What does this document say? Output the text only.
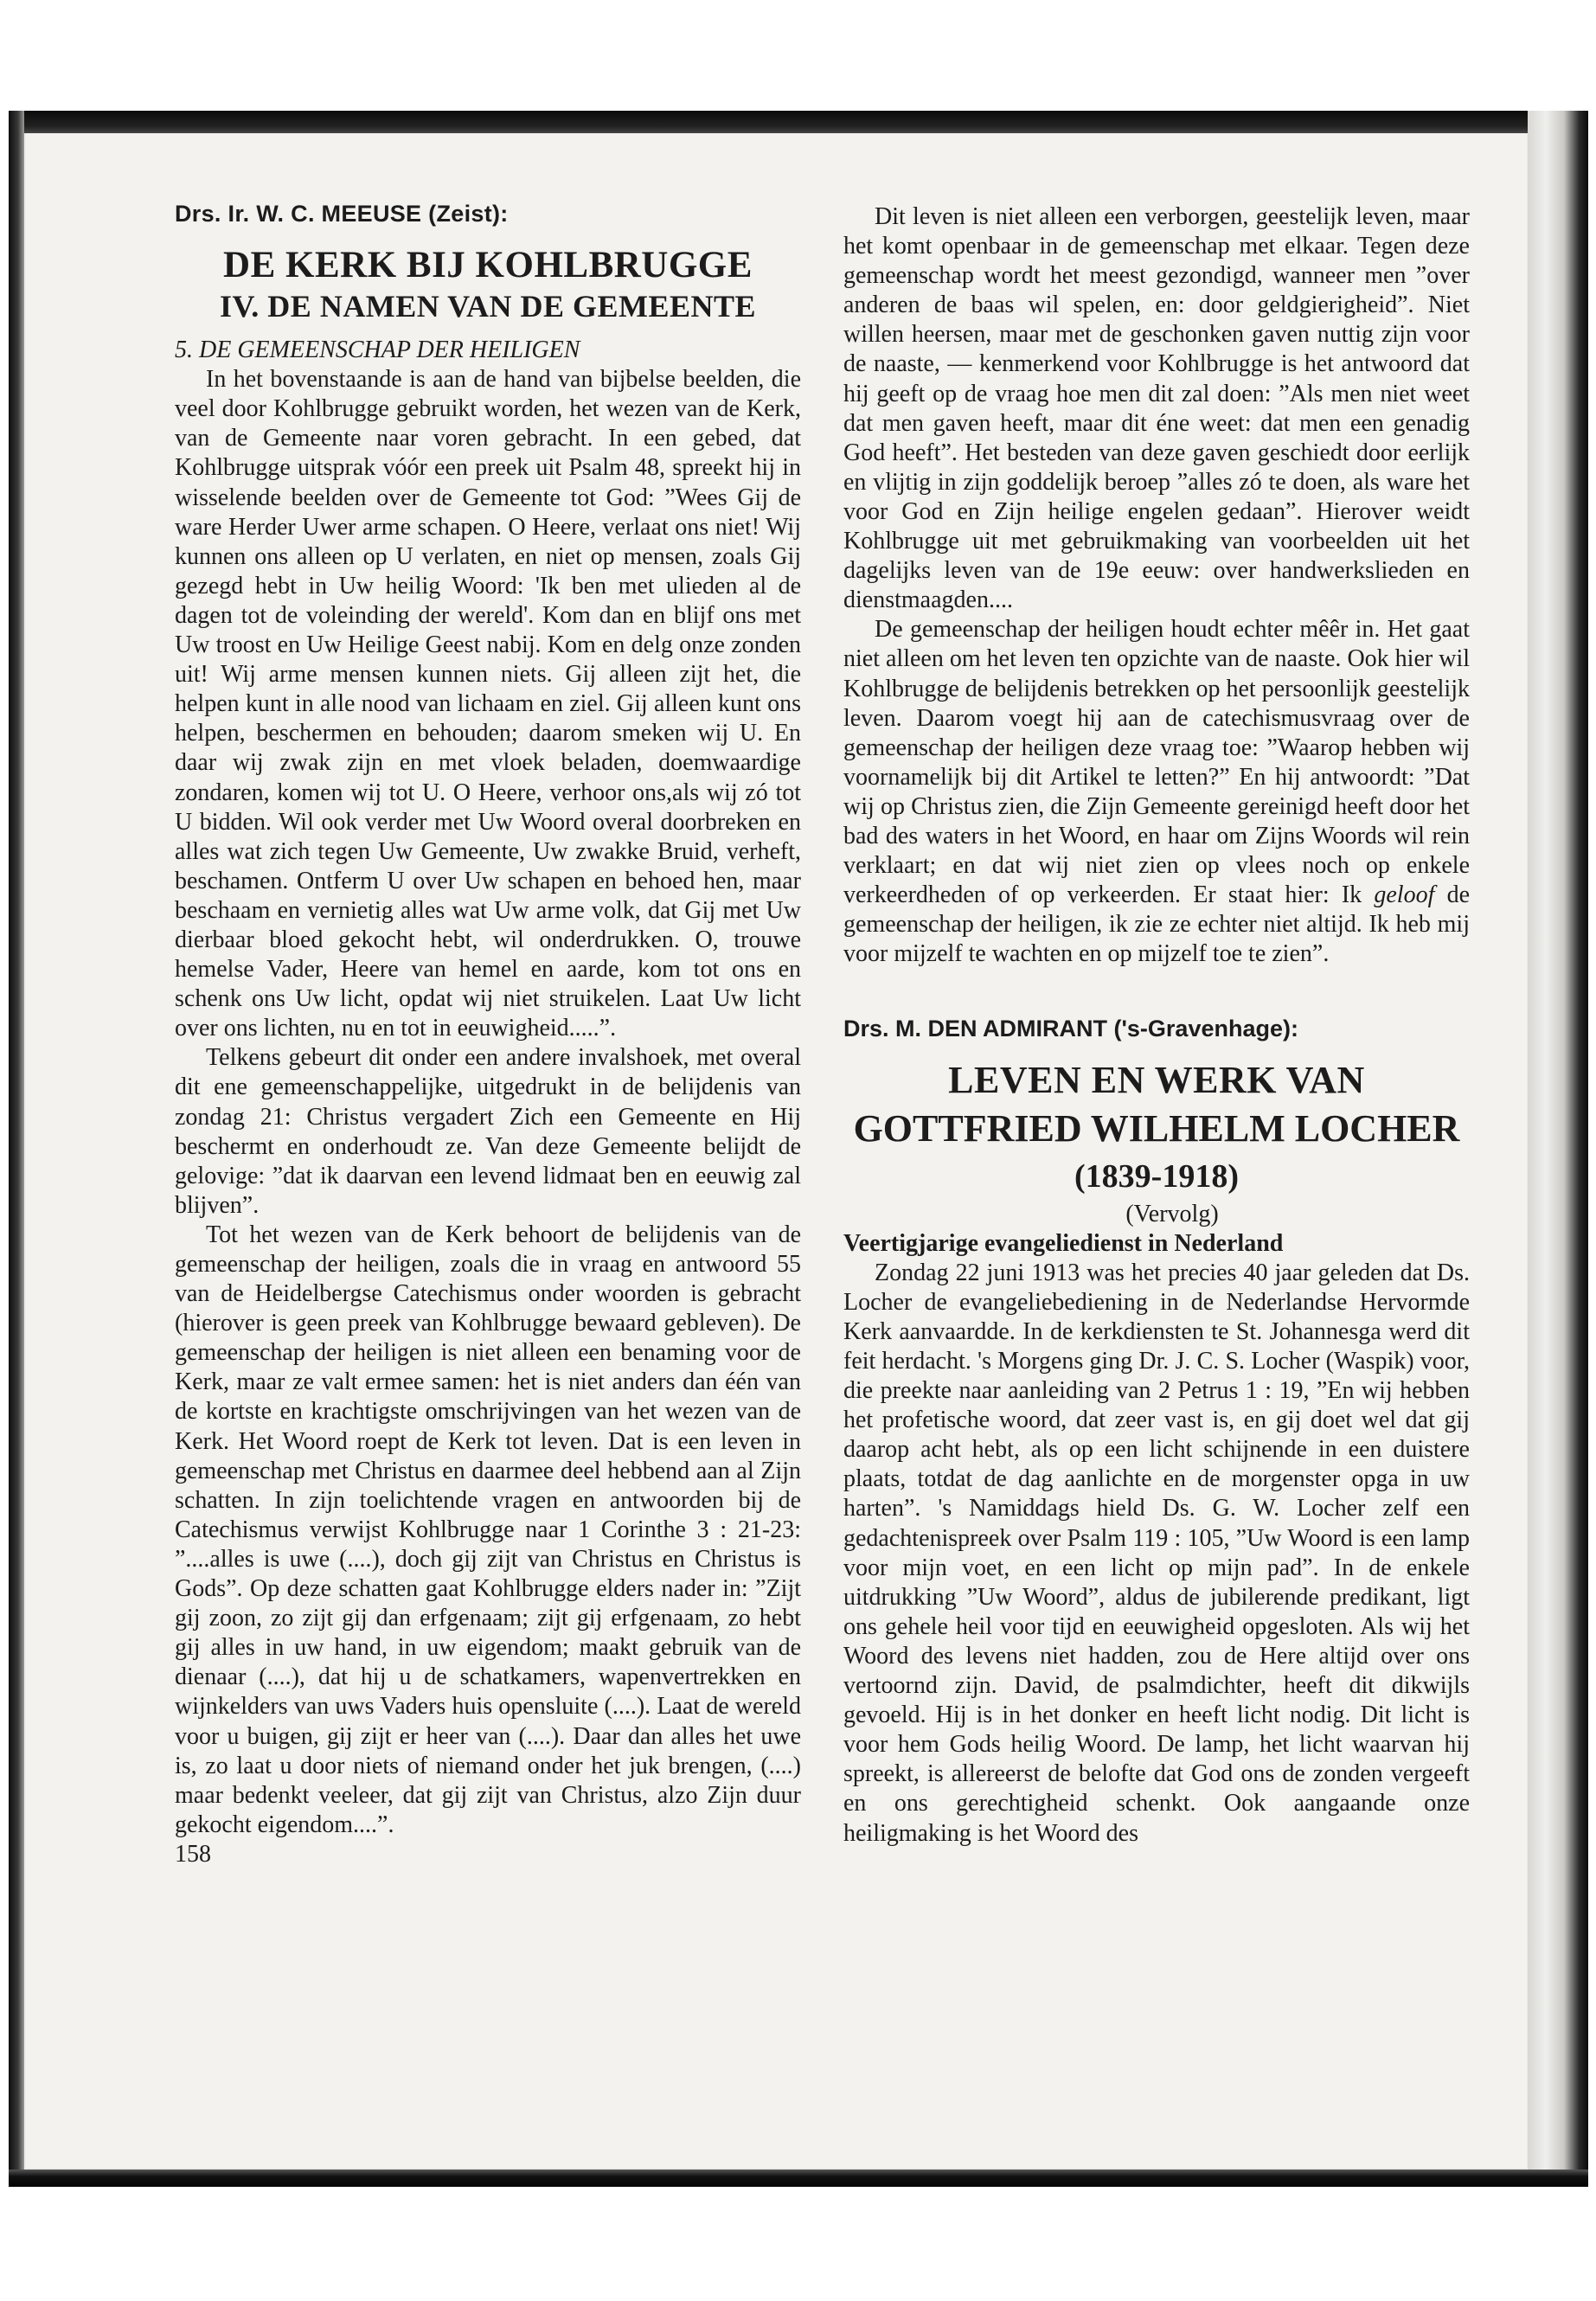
Drs. Ir. W. C. MEEUSE (Zeist):
DE KERK BIJ KOHLBRUGGE
IV. DE NAMEN VAN DE GEMEENTE

5. DE GEMEENSCHAP DER HEILIGEN

In het bovenstaande is aan de hand van bijbelse beelden, die veel door Kohlbrugge gebruikt worden, het wezen van de Kerk, van de Gemeente naar voren gebracht. In een gebed, dat Kohlbrugge uitsprak vóór een preek uit Psalm 48, spreekt hij in wisselende beelden over de Gemeente tot God: ”Wees Gij de ware Herder Uwer arme schapen. O Heere, verlaat ons niet! Wij kunnen ons alleen op U verlaten, en niet op mensen, zoals Gij gezegd hebt in Uw heilig Woord: 'Ik ben met ulieden al de dagen tot de voleinding der wereld'. Kom dan en blijf ons met Uw troost en Uw Heilige Geest nabij. Kom en delg onze zonden uit! Wij arme mensen kunnen niets. Gij alleen zijt het, die helpen kunt in alle nood van lichaam en ziel. Gij alleen kunt ons helpen, beschermen en behouden; daarom smeken wij U. En daar wij zwak zijn en met vloek beladen, doemwaardige zondaren, komen wij tot U. O Heere, verhoor ons,als wij zó tot U bidden. Wil ook verder met Uw Woord overal doorbreken en alles wat zich tegen Uw Gemeente, Uw zwakke Bruid, verheft, beschamen. Ontferm U over Uw schapen en behoed hen, maar beschaam en vernietig alles wat Uw arme volk, dat Gij met Uw dierbaar bloed gekocht hebt, wil onderdrukken. O, trouwe hemelse Vader, Heere van hemel en aarde, kom tot ons en schenk ons Uw licht, opdat wij niet struikelen. Laat Uw licht over ons lichten, nu en tot in eeuwigheid.....”.

Telkens gebeurt dit onder een andere invalshoek, met overal dit ene gemeenschappelijke, uitgedrukt in de belijdenis van zondag 21: Christus vergadert Zich een Gemeente en Hij beschermt en onderhoudt ze. Van deze Gemeente belijdt de gelovige: ”dat ik daarvan een levend lidmaat ben en eeuwig zal blijven”.

Tot het wezen van de Kerk behoort de belijdenis van de gemeenschap der heiligen, zoals die in vraag en antwoord 55 van de Heidelbergse Catechismus onder woorden is gebracht (hierover is geen preek van Kohlbrugge bewaard gebleven). De gemeenschap der heiligen is niet alleen een benaming voor de Kerk, maar ze valt ermee samen: het is niet anders dan één van de kortste en krachtigste omschrijvingen van het wezen van de Kerk. Het Woord roept de Kerk tot leven. Dat is een leven in gemeenschap met Christus en daarmee deel hebbend aan al Zijn schatten. In zijn toelichtende vragen en antwoorden bij de Catechismus verwijst Kohlbrugge naar 1 Corinthe 3 : 21-23: ”....alles is uwe (....), doch gij zijt van Christus en Christus is Gods”. Op deze schatten gaat Kohlbrugge elders nader in: ”Zijt gij zoon, zo zijt gij dan erfgenaam; zijt gij erfgenaam, zo hebt gij alles in uw hand, in uw eigendom; maakt gebruik van de dienaar (....), dat hij u de schatkamers, wapenvertrekken en wijnkelders van uws Vaders huis opensluite (....). Laat de wereld voor u buigen, gij zijt er heer van (....). Daar dan alles het uwe is, zo laat u door niets of niemand onder het juk brengen, (....) maar bedenkt veeleer, dat gij zijt van Christus, alzo Zijn duur gekocht eigendom....”.

158

Dit leven is niet alleen een verborgen, geestelijk leven, maar het komt openbaar in de gemeenschap met elkaar. Tegen deze gemeenschap wordt het meest gezondigd, wanneer men ”over anderen de baas wil spelen, en: door geldgierigheid”. Niet willen heersen, maar met de geschonken gaven nuttig zijn voor de naaste, — kenmerkend voor Kohlbrugge is het antwoord dat hij geeft op de vraag hoe men dit zal doen: ”Als men niet weet dat men gaven heeft, maar dit éne weet: dat men een genadig God heeft”. Het besteden van deze gaven geschiedt door eerlijk en vlijtig in zijn goddelijk beroep ”alles zó te doen, als ware het voor God en Zijn heilige engelen gedaan”. Hierover weidt Kohlbrugge uit met gebruikmaking van voorbeelden uit het dagelijks leven van de 19e eeuw: over handwerkslieden en dienstmaagden....

De gemeenschap der heiligen houdt echter mêêr in. Het gaat niet alleen om het leven ten opzichte van de naaste. Ook hier wil Kohlbrugge de belijdenis betrekken op het persoonlijk geestelijk leven. Daarom voegt hij aan de catechismusvraag over de gemeenschap der heiligen deze vraag toe: ”Waarop hebben wij voornamelijk bij dit Artikel te letten?” En hij antwoordt: ”Dat wij op Christus zien, die Zijn Gemeente gereinigd heeft door het bad des waters in het Woord, en haar om Zijns Woords wil rein verklaart; en dat wij niet zien op vlees noch op enkele verkeerdheden of op verkeerden. Er staat hier: Ik geloof de gemeenschap der heiligen, ik zie ze echter niet altijd. Ik heb mij voor mijzelf te wachten en op mijzelf toe te zien”.

Drs. M. DEN ADMIRANT ('s-Gravenhage):
LEVEN EN WERK VAN
GOTTFRIED WILHELM LOCHER
(1839-1918)

(Vervolg)

Veertigjarige evangeliedienst in Nederland

Zondag 22 juni 1913 was het precies 40 jaar geleden dat Ds. Locher de evangeliebediening in de Nederlandse Hervormde Kerk aanvaardde. In de kerkdiensten te St. Johannesga werd dit feit herdacht. 's Morgens ging Dr. J. C. S. Locher (Waspik) voor, die preekte naar aanleiding van 2 Petrus 1 : 19, ”En wij hebben het profetische woord, dat zeer vast is, en gij doet wel dat gij daarop acht hebt, als op een licht schijnende in een duistere plaats, totdat de dag aanlichte en de morgenster opga in uw harten”. 's Namiddags hield Ds. G. W. Locher zelf een gedachtenispreek over Psalm 119 : 105, ”Uw Woord is een lamp voor mijn voet, en een licht op mijn pad”. In de enkele uitdrukking ”Uw Woord”, aldus de jubilerende predikant, ligt ons gehele heil voor tijd en eeuwigheid opgesloten. Als wij het Woord des levens niet hadden, zou de Here altijd over ons vertoornd zijn. David, de psalmdichter, heeft dit dikwijls gevoeld. Hij is in het donker en heeft licht nodig. Dit licht is voor hem Gods heilig Woord. De lamp, het licht waarvan hij spreekt, is allereerst de belofte dat God ons de zonden vergeeft en ons gerechtigheid schenkt. Ook aangaande onze heiligmaking is het Woord des
